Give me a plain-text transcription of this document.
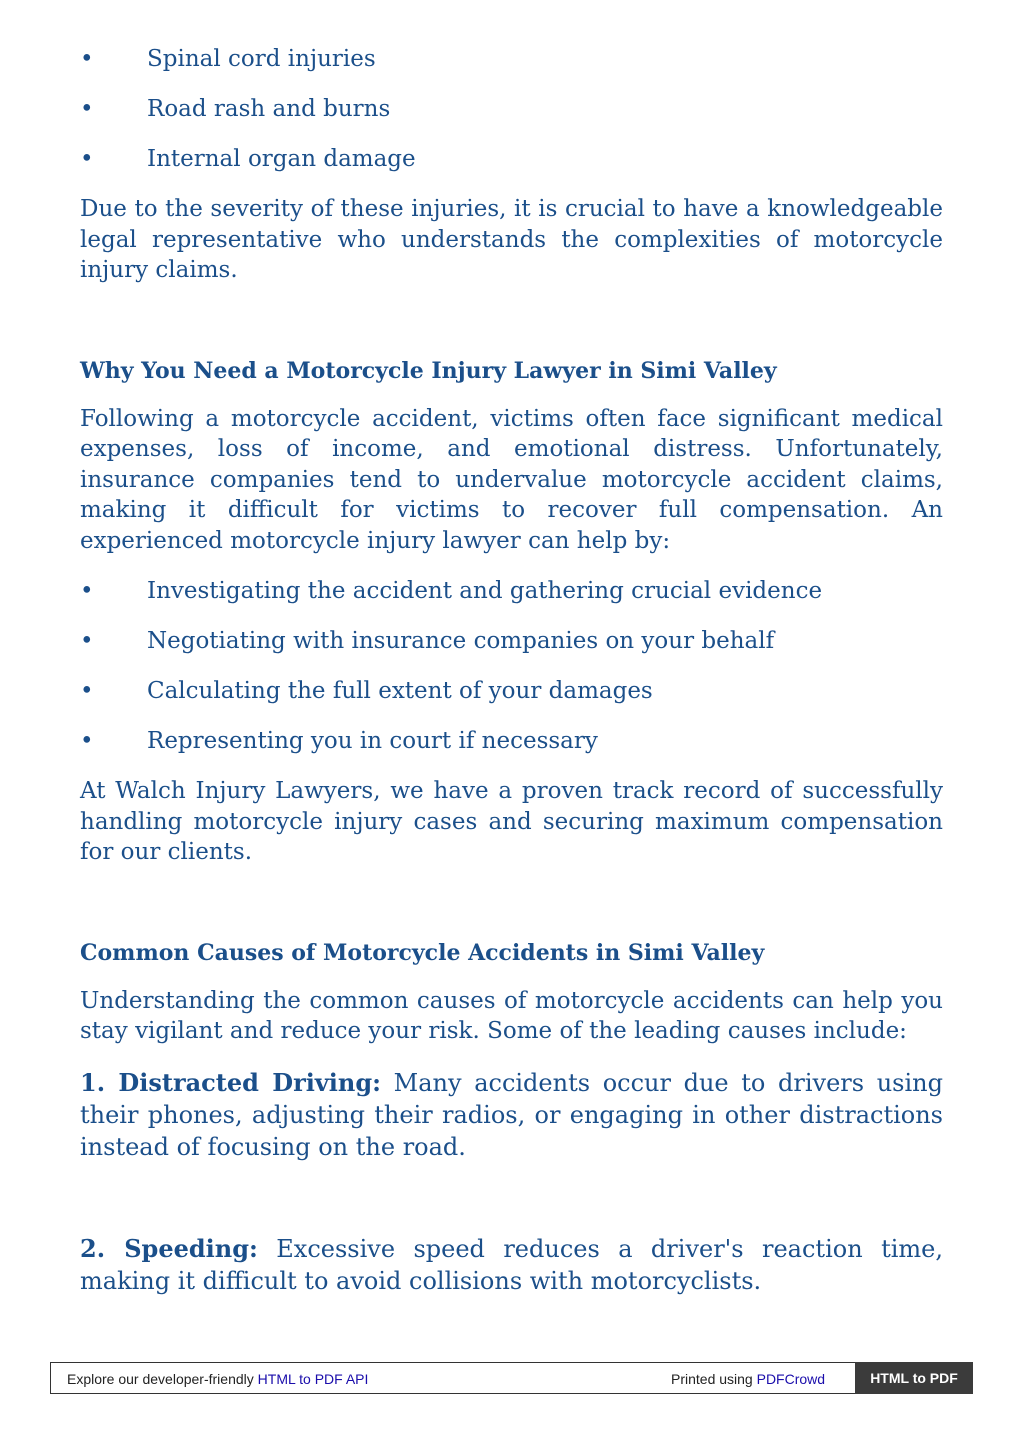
• Spinal cord injuries
• Road rash and burns
• Internal organ damage

Due to the severity of these injuries, it is crucial to have a knowledgeable legal representative who understands the complexities of motorcycle injury claims.

Why You Need a Motorcycle Injury Lawyer in Simi Valley

Following a motorcycle accident, victims often face significant medical expenses, loss of income, and emotional distress. Unfortunately, insurance companies tend to undervalue motorcycle accident claims, making it difficult for victims to recover full compensation. An experienced motorcycle injury lawyer can help by:

• Investigating the accident and gathering crucial evidence
• Negotiating with insurance companies on your behalf
• Calculating the full extent of your damages
• Representing you in court if necessary

At Walch Injury Lawyers, we have a proven track record of successfully handling motorcycle injury cases and securing maximum compensation for our clients.

Common Causes of Motorcycle Accidents in Simi Valley

Understanding the common causes of motorcycle accidents can help you stay vigilant and reduce your risk. Some of the leading causes include:

1. Distracted Driving: Many accidents occur due to drivers using their phones, adjusting their radios, or engaging in other distractions instead of focusing on the road.

2. Speeding: Excessive speed reduces a driver's reaction time, making it difficult to avoid collisions with motorcyclists.

Explore our developer-friendly HTML to PDF API	Printed using PDFCrowd	HTML to PDF
